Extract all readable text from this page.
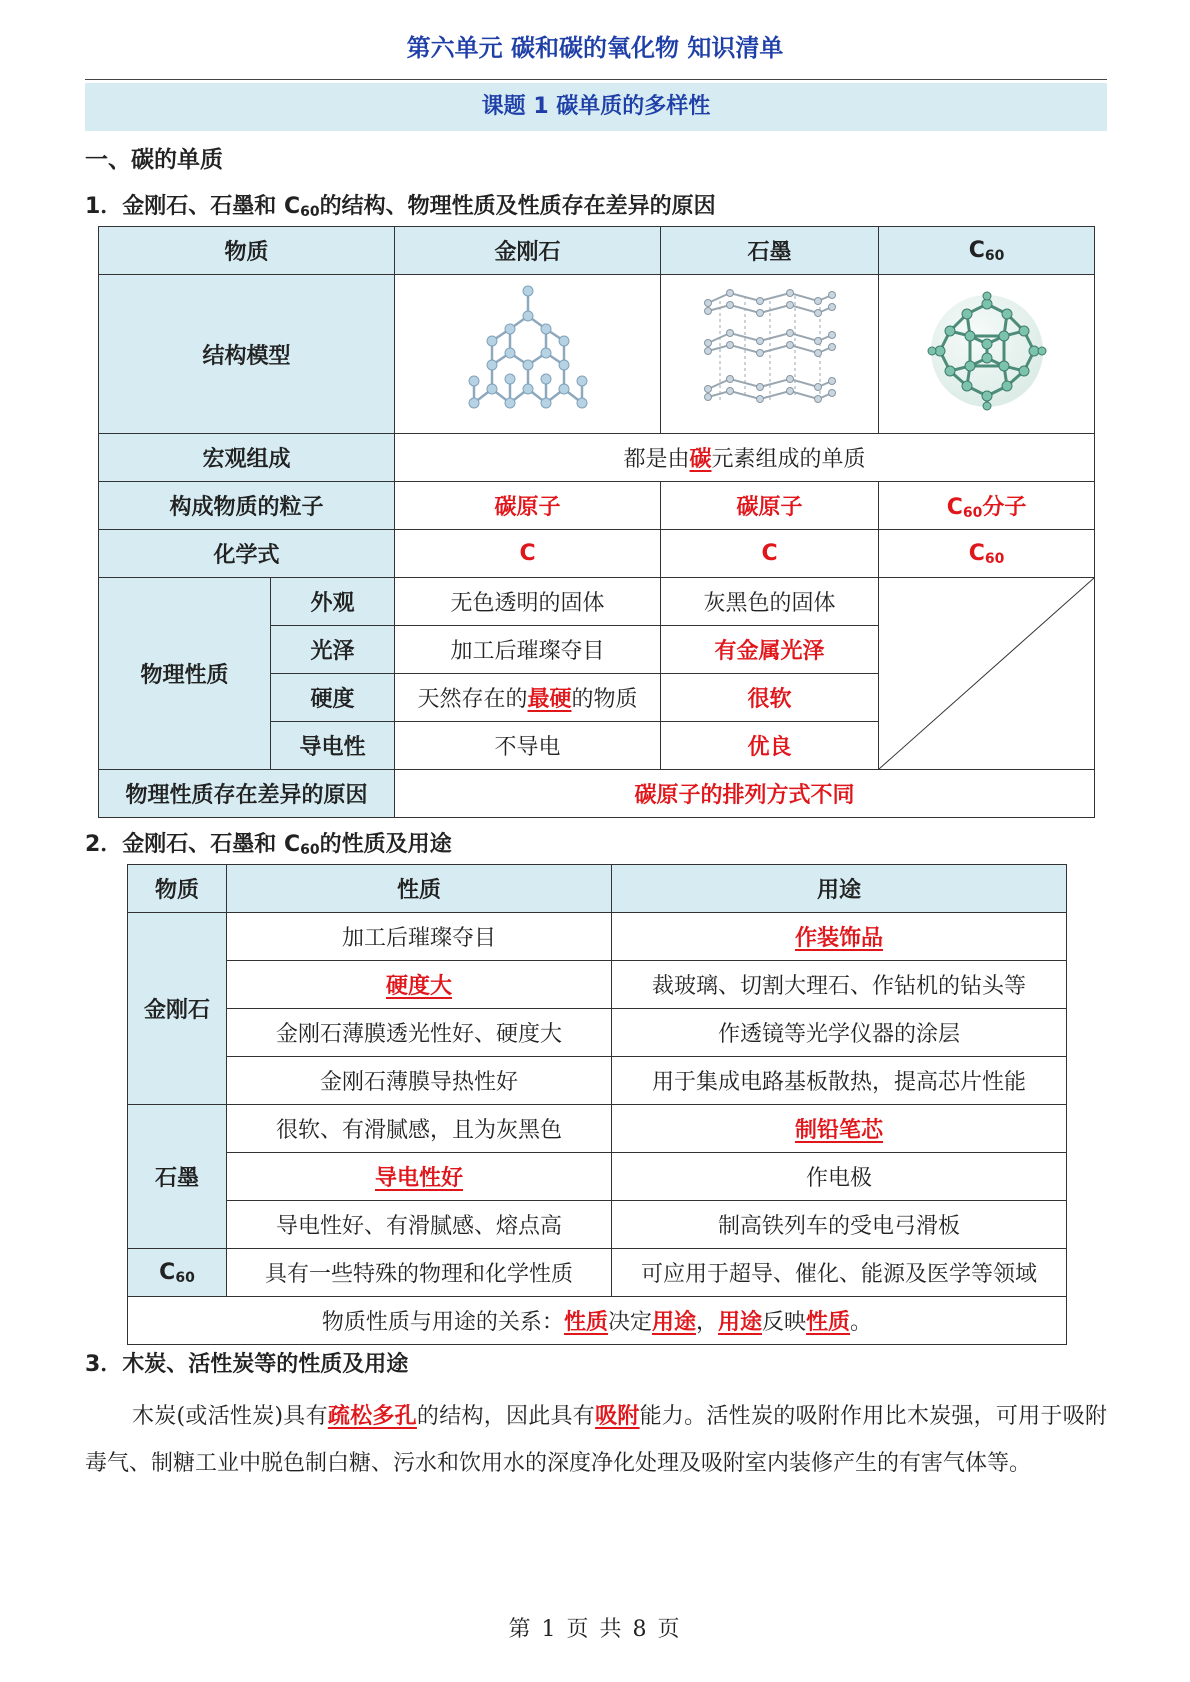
第六单元 碳和碳的氧化物 知识清单
课题 1 碳单质的多样性
一、碳的单质
1．金刚石、石墨和 $C_{60}$的结构、物理性质及性质存在差异的原因
物质		金刚石	石墨	$C_{60}$
结构模型			
宏观组成		都是由碳元素组成的单质		
构成物质的粒子		碳原子	碳原子	$C_{60}$分子
化学式		C	C	$C_{60}$
物理性质	外观	无色透明的固体	灰黑色的固体	

	光泽	加工后璀璨夺目	有金属光泽	
	硬度	天然存在的最硬的物质	很软	
	导电性	不导电	优良	
物理性质存在差异的原因		碳原子的排列方式不同		
2．金刚石、石墨和 $C_{60}$的性质及用途
物质	性质	用途
金刚石	加工后璀璨夺目	作装饰品
	硬度大	裁玻璃、切割大理石、作钻机的钻头等
	金刚石薄膜透光性好、硬度大	作透镜等光学仪器的涂层
	金刚石薄膜导热性好	用于集成电路基板散热，提高芯片性能
石墨	很软、有滑腻感，且为灰黑色	制铅笔芯
	导电性好	作电极
	导电性好、有滑腻感、熔点高	制高铁列车的受电弓滑板
$C_{60}$	具有一些特殊的物理和化学性质	可应用于超导、催化、能源及医学等领域
物质性质与用途的关系：性质决定用途，用途反映性质。		
3．木炭、活性炭等的性质及用途
木炭(或活性炭)具有疏松多孔的结构，因此具有吸附能力。活性炭的吸附作用比木炭强，可用于吸附毒气、制糖工业中脱色制白糖、污水和饮用水的深度净化处理及吸附室内装修产生的有害气体等。
第 1 页 共 8 页
